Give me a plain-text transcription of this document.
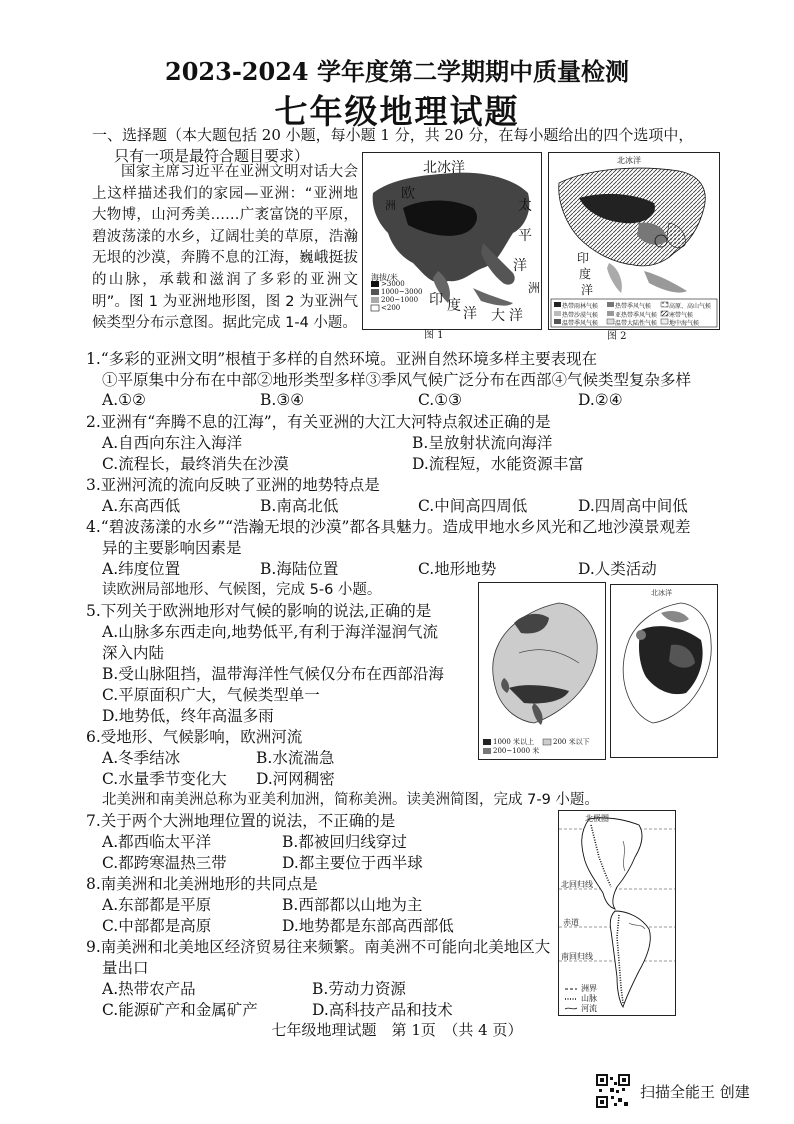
2023-2024 学年度第二学期期中质量检测
七年级地理试题
一、选择题（本大题包括 20 小题，每小题 1 分，共 20 分，在每小题给出的四个选项中，
只有一项是最符合题目要求）
国家主席习近平在亚洲文明对话大会上这样描述我们的家园—亚洲：“亚洲地大物博，山河秀美……广袤富饶的平原，碧波荡漾的水乡，辽阔壮美的草原，浩瀚无垠的沙漠，奔腾不息的江海，巍峨挺拔的山脉，承载和滋润了多彩的亚洲文明”。图 1 为亚洲地形图，图 2 为亚洲气候类型分布示意图。据此完成 1-4 小题。
北冰洋
欧
太
平
洋
印 度 洋 大 洋
洲
洲
海拔/米
>3000
1000~3000
200~1000
<200
图 1
北冰洋
印
度
洋
热带雨林气候	热带季风气候	高原、高山气候
热带沙漠气候	亚热带季风气候 寒带气候
温带季风气候	温带大陆性气候 地中海气候
图 2
1.“多彩的亚洲文明”根植于多样的自然环境。亚洲自然环境多样主要表现在
①平原集中分布在中部②地形类型多样③季风气候广泛分布在西部④气候类型复杂多样
A.①②	B.③④	C.①③	D.②④
2.亚洲有“奔腾不息的江海”，有关亚洲的大江大河特点叙述正确的是
A.自西向东注入海洋	B.呈放射状流向海洋
C.流程长，最终消失在沙漠	D.流程短，水能资源丰富
3.亚洲河流的流向反映了亚洲的地势特点是
A.东高西低	B.南高北低	C.中间高四周低	D.四周高中间低
4.“碧波荡漾的水乡”“浩瀚无垠的沙漠”都各具魅力。造成甲地水乡风光和乙地沙漠景观差
异的主要影响因素是
A.纬度位置	B.海陆位置	C.地形地势	D.人类活动
读欧洲局部地形、气候图，完成 5-6 小题。
1000 米以上	200 米以下
200~1000 米
北冰洋
5.下列关于欧洲地形对气候的影响的说法,正确的是
A.山脉多东西走向,地势低平,有利于海洋湿润气流
深入内陆
B.受山脉阻挡，温带海洋性气候仅分布在西部沿海
C.平原面积广大，气候类型单一
D.地势低，终年高温多雨
6.受地形、气候影响，欧洲河流
A.冬季结冰	B.水流湍急
C.水量季节变化大 D.河网稠密
北美洲和南美洲总称为亚美利加洲，简称美洲。读美洲简图，完成 7-9 小题。
北极圈
北回归线
赤道
南回归线
洲界
山脉
河流
7.关于两个大洲地理位置的说法，不正确的是
A.都西临太平洋	B.都被回归线穿过
C.都跨寒温热三带	D.都主要位于西半球
8.南美洲和北美洲地形的共同点是
A.东部都是平原	B.西部都以山地为主
C.中部都是高原	D.地势都是东部高西部低
9.南美洲和北美地区经济贸易往来频繁。南美洲不可能向北美地区大
量出口
A.热带农产品	B.劳动力资源
C.能源矿产和金属矿产	D.高科技产品和技术
七年级地理试题　第 1页　（共 4 页）
扫描全能王 创建
